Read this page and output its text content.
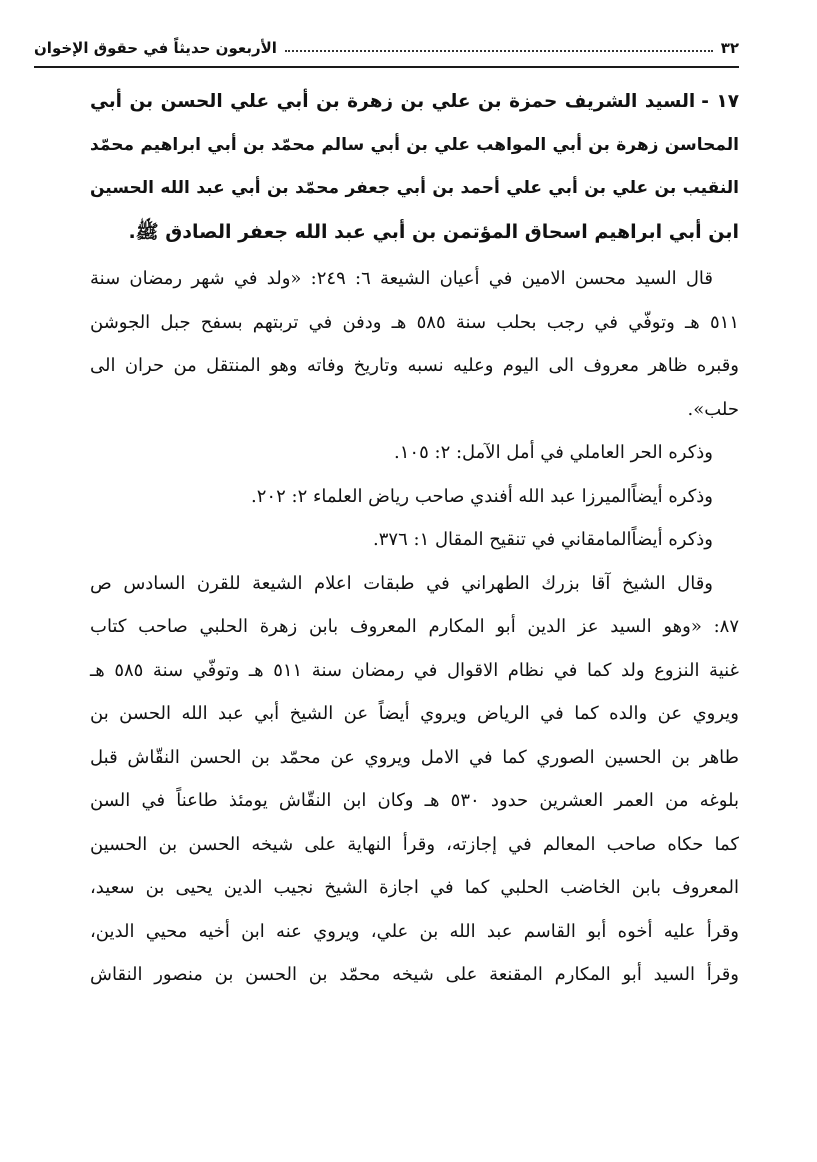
٣٢
الأربعون حديثاً في حقوق الإخوان
١٧ -السيد الشريف حمزة بن علي بن زهرة بن أبي علي الحسن بن أبي
المحاسن زهرة بن أبي المواهب علي بن أبي سالم محمّد بن أبي ابراهيم محمّد
النقيب بن علي بن أبي علي أحمد بن أبي جعفر محمّد بن أبي عبد الله الحسين
ابن أبي ابراهيم اسحاق المؤتمن بن أبي عبد الله جعفر الصادق ﷺ.
قال السيد محسن الامين في أعيان الشيعة ٦: ٢٤٩: «ولد في شهر رمضان سنة
٥١١ هـ وتوفّي في رجب بحلب سنة ٥٨٥ هـ ودفن في تربتهم بسفح جبل الجوشن
وقبره ظاهر معروف الى اليوم وعليه نسبه وتاريخ وفاته وهو المنتقل من حران الى
حلب».
وذكره الحر العاملي في أمل الآمل: ٢: ١٠٥.
وذكره أيضاًالميرزا عبد الله أفندي صاحب رياض العلماء ٢: ٢٠٢.
وذكره أيضاًالمامقاني في تنقيح المقال ١: ٣٧٦.
وقال الشيخ آقا بزرك الطهراني في طبقات اعلام الشيعة للقرن السادس ص
٨٧: «وهو السيد عز الدين أبو المكارم المعروف بابن زهرة الحلبي صاحب كتاب
غنية النزوع ولد كما في نظام الاقوال في رمضان سنة ٥١١ هـ وتوفّي سنة ٥٨٥ هـ
ويروي عن والده كما في الرياض ويروي أيضاً عن الشيخ أبي عبد الله الحسن بن
طاهر بن الحسين الصوري كما في الامل ويروي عن محمّد بن الحسن النقّاش قبل
بلوغه من العمر العشرين حدود ٥٣٠ هـ وكان ابن النقّاش يومئذ طاعناً في السن
كما حكاه صاحب المعالم في إجازته، وقرأ النهاية على شيخه الحسن بن الحسين
المعروف بابن الخاضب الحلبي كما في اجازة الشيخ نجيب الدين يحيى بن سعيد،
وقرأ عليه أخوه أبو القاسم عبد الله بن علي، ويروي عنه ابن أخيه محيي الدين،
وقرأ السيد أبو المكارم المقنعة على شيخه محمّد بن الحسن بن منصور النقاش
